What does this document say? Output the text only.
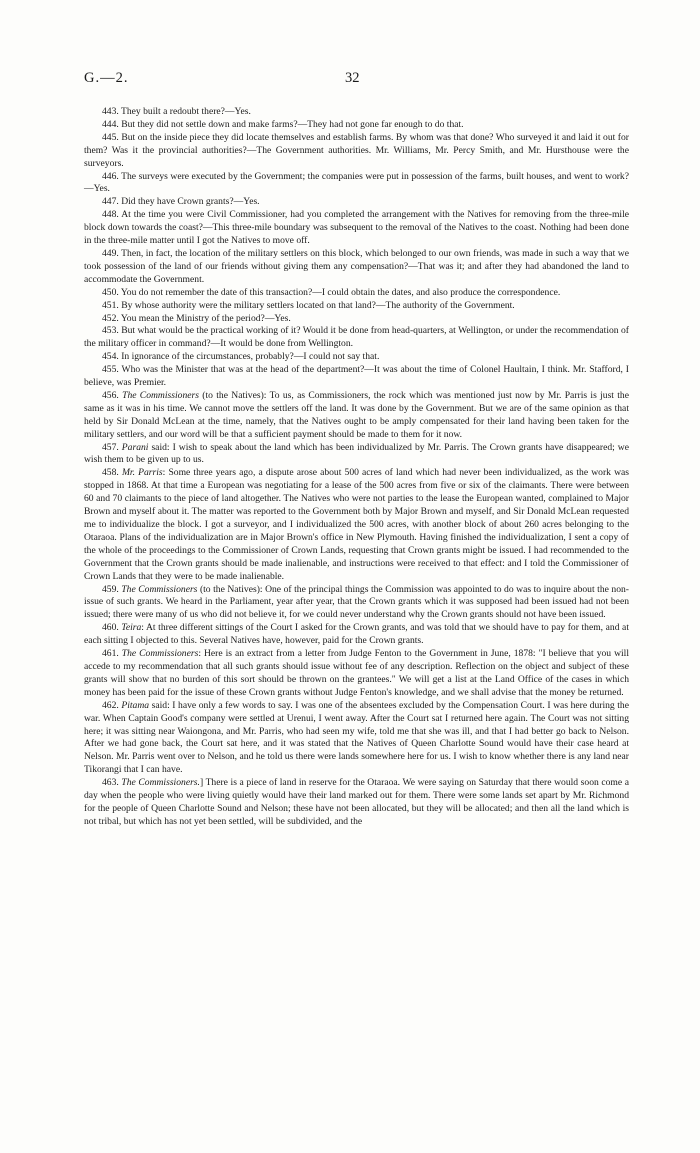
G.—2.	32

443. They built a redoubt there?—Yes.

444. But they did not settle down and make farms?—They had not gone far enough to do that.

445. But on the inside piece they did locate themselves and establish farms. By whom was that done? Who surveyed it and laid it out for them? Was it the provincial authorities?—The Government authorities. Mr. Williams, Mr. Percy Smith, and Mr. Hursthouse were the surveyors.

446. The surveys were executed by the Government; the companies were put in possession of the farms, built houses, and went to work?—Yes.

447. Did they have Crown grants?—Yes.

448. At the time you were Civil Commissioner, had you completed the arrangement with the Natives for removing from the three-mile block down towards the coast?—This three-mile boundary was subsequent to the removal of the Natives to the coast. Nothing had been done in the three-mile matter until I got the Natives to move off.

449. Then, in fact, the location of the military settlers on this block, which belonged to our own friends, was made in such a way that we took possession of the land of our friends without giving them any compensation?—That was it; and after they had abandoned the land to accommodate the Government.

450. You do not remember the date of this transaction?—I could obtain the dates, and also produce the correspondence.

451. By whose authority were the military settlers located on that land?—The authority of the Government.

452. You mean the Ministry of the period?—Yes.

453. But what would be the practical working of it? Would it be done from head-quarters, at Wellington, or under the recommendation of the military officer in command?—It would be done from Wellington.

454. In ignorance of the circumstances, probably?—I could not say that.

455. Who was the Minister that was at the head of the department?—It was about the time of Colonel Haultain, I think. Mr. Stafford, I believe, was Premier.

456. The Commissioners (to the Natives): To us, as Commissioners, the rock which was mentioned just now by Mr. Parris is just the same as it was in his time. We cannot move the settlers off the land. It was done by the Government. But we are of the same opinion as that held by Sir Donald McLean at the time, namely, that the Natives ought to be amply compensated for their land having been taken for the military settlers, and our word will be that a sufficient payment should be made to them for it now.

457. Parani said: I wish to speak about the land which has been individualized by Mr. Parris. The Crown grants have disappeared; we wish them to be given up to us.

458. Mr. Parris: Some three years ago, a dispute arose about 500 acres of land which had never been individualized, as the work was stopped in 1868. At that time a European was negotiating for a lease of the 500 acres from five or six of the claimants. There were between 60 and 70 claimants to the piece of land altogether. The Natives who were not parties to the lease the European wanted, complained to Major Brown and myself about it. The matter was reported to the Government both by Major Brown and myself, and Sir Donald McLean requested me to individualize the block. I got a surveyor, and I individualized the 500 acres, with another block of about 260 acres belonging to the Otaraoa. Plans of the individualization are in Major Brown's office in New Plymouth. Having finished the individualization, I sent a copy of the whole of the proceedings to the Commissioner of Crown Lands, requesting that Crown grants might be issued. I had recommended to the Government that the Crown grants should be made inalienable, and instructions were received to that effect: and I told the Commissioner of Crown Lands that they were to be made inalienable.

459. The Commissioners (to the Natives): One of the principal things the Commission was appointed to do was to inquire about the non-issue of such grants. We heard in the Parliament, year after year, that the Crown grants which it was supposed had been issued had not been issued; there were many of us who did not believe it, for we could never understand why the Crown grants should not have been issued.

460. Teira: At three different sittings of the Court I asked for the Crown grants, and was told that we should have to pay for them, and at each sitting I objected to this. Several Natives have, however, paid for the Crown grants.

461. The Commissioners: Here is an extract from a letter from Judge Fenton to the Government in June, 1878: "I believe that you will accede to my recommendation that all such grants should issue without fee of any description. Reflection on the object and subject of these grants will show that no burden of this sort should be thrown on the grantees." We will get a list at the Land Office of the cases in which money has been paid for the issue of these Crown grants without Judge Fenton's knowledge, and we shall advise that the money be returned.

462. Pitama said: I have only a few words to say. I was one of the absentees excluded by the Compensation Court. I was here during the war. When Captain Good's company were settled at Urenui, I went away. After the Court sat I returned here again. The Court was not sitting here; it was sitting near Waiongona, and Mr. Parris, who had seen my wife, told me that she was ill, and that I had better go back to Nelson. After we had gone back, the Court sat here, and it was stated that the Natives of Queen Charlotte Sound would have their case heard at Nelson. Mr. Parris went over to Nelson, and he told us there were lands somewhere here for us. I wish to know whether there is any land near Tikorangi that I can have.

463. The Commissioners.] There is a piece of land in reserve for the Otaraoa. We were saying on Saturday that there would soon come a day when the people who were living quietly would have their land marked out for them. There were some lands set apart by Mr. Richmond for the people of Queen Charlotte Sound and Nelson; these have not been allocated, but they will be allocated; and then all the land which is not tribal, but which has not yet been settled, will be subdivided, and the
